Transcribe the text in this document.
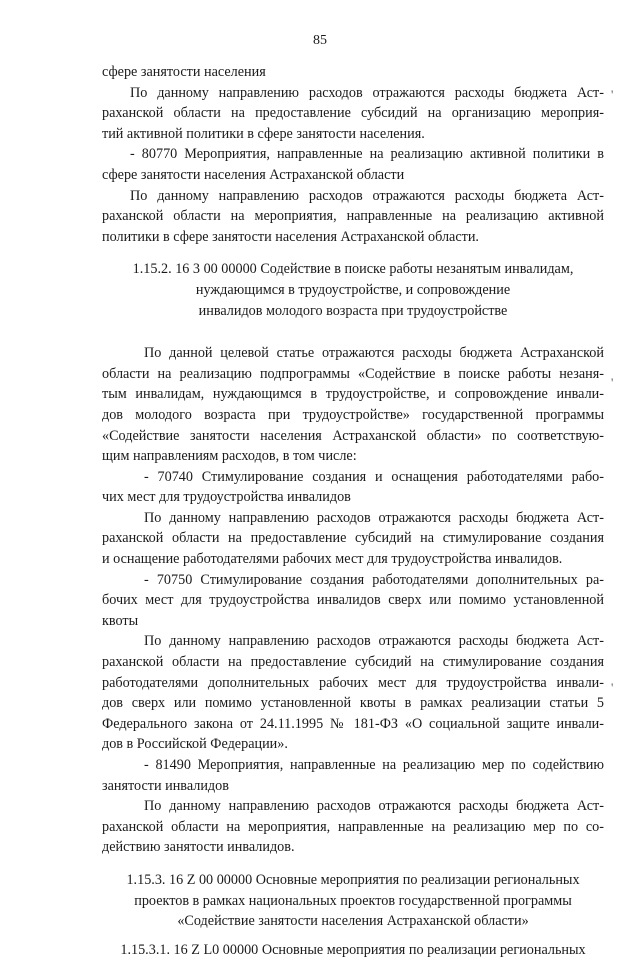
85
сфере занятости населения
По данному направлению расходов отражаются расходы бюджета Аст-
раханской области на предоставление субсидий на организацию мероприя-
тий активной политики в сфере занятости населения.
- 80770 Мероприятия, направленные на реализацию активной политики в
сфере занятости населения Астраханской области
По данному направлению расходов отражаются расходы бюджета Аст-
раханской области на мероприятия, направленные на реализацию активной
политики в сфере занятости населения Астраханской области.
1.15.2. 16 3 00 00000 Содействие в поиске работы незанятым инвалидам,
нуждающимся в трудоустройстве, и сопровождение
инвалидов молодого возраста при трудоустройстве
По данной целевой статье отражаются расходы бюджета Астраханской
области на реализацию подпрограммы «Содействие в поиске работы незаня-
тым инвалидам, нуждающимся в трудоустройстве, и сопровождение инвали-
дов молодого возраста при трудоустройстве» государственной программы
«Содействие занятости населения Астраханской области» по соответствую-
щим направлениям расходов, в том числе:
- 70740 Стимулирование создания и оснащения работодателями рабо-
чих мест для трудоустройства инвалидов
По данному направлению расходов отражаются расходы бюджета Аст-
раханской области на предоставление субсидий на стимулирование создания
и оснащение работодателями рабочих мест для трудоустройства инвалидов.
- 70750 Стимулирование создания работодателями дополнительных ра-
бочих мест для трудоустройства инвалидов сверх или помимо установленной
квоты
По данному направлению расходов отражаются расходы бюджета Аст-
раханской области на предоставление субсидий на стимулирование создания
работодателями дополнительных рабочих мест для трудоустройства инвали-
дов сверх или помимо установленной квоты в рамках реализации статьи 5
Федерального закона от 24.11.1995 № 181-ФЗ «О социальной защите инвали-
дов в Российской Федерации».
- 81490 Мероприятия, направленные на реализацию мер по содействию
занятости инвалидов
По данному направлению расходов отражаются расходы бюджета Аст-
раханской области на мероприятия, направленные на реализацию мер по со-
действию занятости инвалидов.
1.15.3. 16 Z 00 00000 Основные мероприятия по реализации региональных
проектов в рамках национальных проектов государственной программы
«Содействие занятости населения Астраханской области»
1.15.3.1. 16 Z L0 00000 Основные мероприятия по реализации региональных
'
'
'
